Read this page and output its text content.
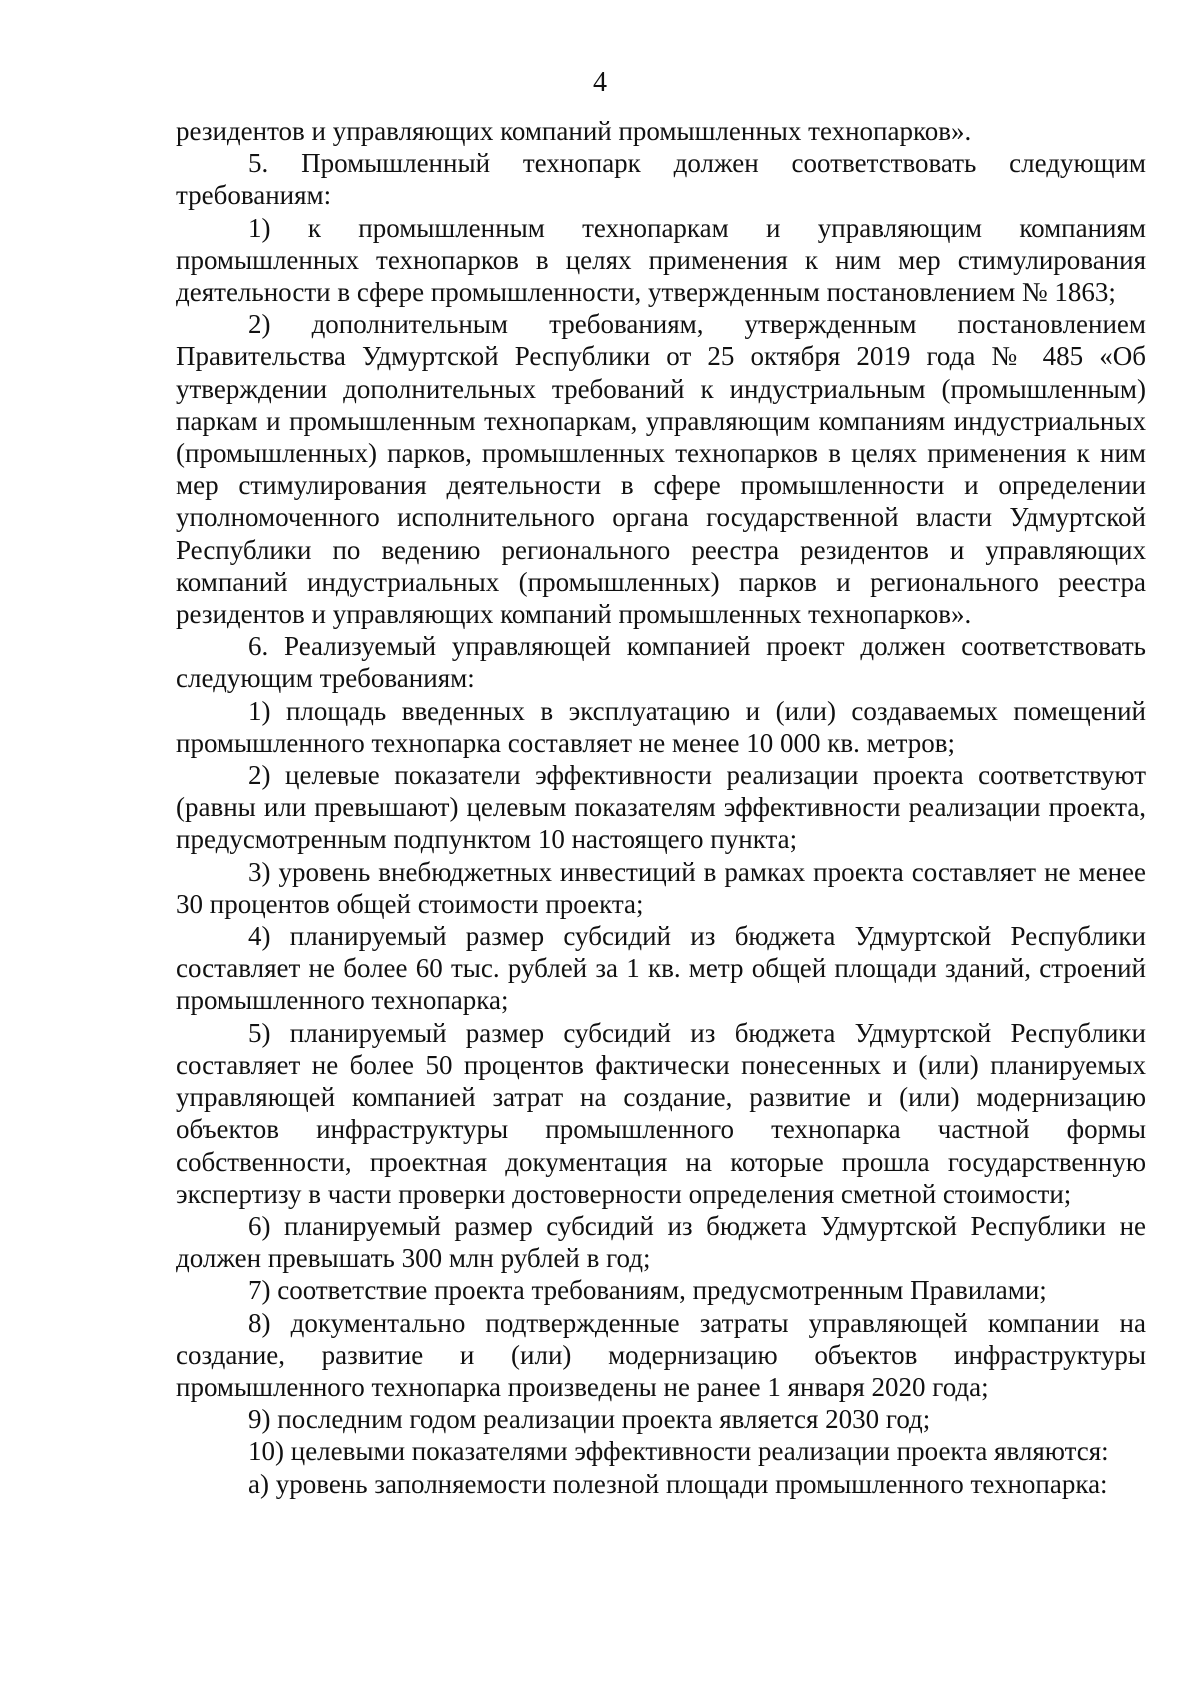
4

резидентов и управляющих компаний промышленных технопарков».

5. Промышленный технопарк должен соответствовать следующим требованиям:

1) к промышленным технопаркам и управляющим компаниям промышленных технопарков в целях применения к ним мер стимулирования деятельности в сфере промышленности, утвержденным постановлением № 1863;

2) дополнительным требованиям, утвержденным постановлением Правительства Удмуртской Республики от 25 октября 2019 года № 485 «Об утверждении дополнительных требований к индустриальным (промышленным) паркам и промышленным технопаркам, управляющим компаниям индустриальных (промышленных) парков, промышленных технопарков в целях применения к ним мер стимулирования деятельности в сфере промышленности и определении уполномоченного исполнительного органа государственной власти Удмуртской Республики по ведению регионального реестра резидентов и управляющих компаний индустриальных (промышленных) парков и регионального реестра резидентов и управляющих компаний промышленных технопарков».

6. Реализуемый управляющей компанией проект должен соответствовать следующим требованиям:

1) площадь введенных в эксплуатацию и (или) создаваемых помещений промышленного технопарка составляет не менее 10 000 кв. метров;

2) целевые показатели эффективности реализации проекта соответствуют (равны или превышают) целевым показателям эффективности реализации проекта, предусмотренным подпунктом 10 настоящего пункта;

3) уровень внебюджетных инвестиций в рамках проекта составляет не менее 30 процентов общей стоимости проекта;

4) планируемый размер субсидий из бюджета Удмуртской Республики составляет не более 60 тыс. рублей за 1 кв. метр общей площади зданий, строений промышленного технопарка;

5) планируемый размер субсидий из бюджета Удмуртской Республики составляет не более 50 процентов фактически понесенных и (или) планируемых управляющей компанией затрат на создание, развитие и (или) модернизацию объектов инфраструктуры промышленного технопарка частной формы собственности, проектная документация на которые прошла государственную экспертизу в части проверки достоверности определения сметной стоимости;

6) планируемый размер субсидий из бюджета Удмуртской Республики не должен превышать 300 млн рублей в год;

7) соответствие проекта требованиям, предусмотренным Правилами;

8) документально подтвержденные затраты управляющей компании на создание, развитие и (или) модернизацию объектов инфраструктуры промышленного технопарка произведены не ранее 1 января 2020 года;

9) последним годом реализации проекта является 2030 год;

10) целевыми показателями эффективности реализации проекта являются:

а) уровень заполняемости полезной площади промышленного технопарка:
